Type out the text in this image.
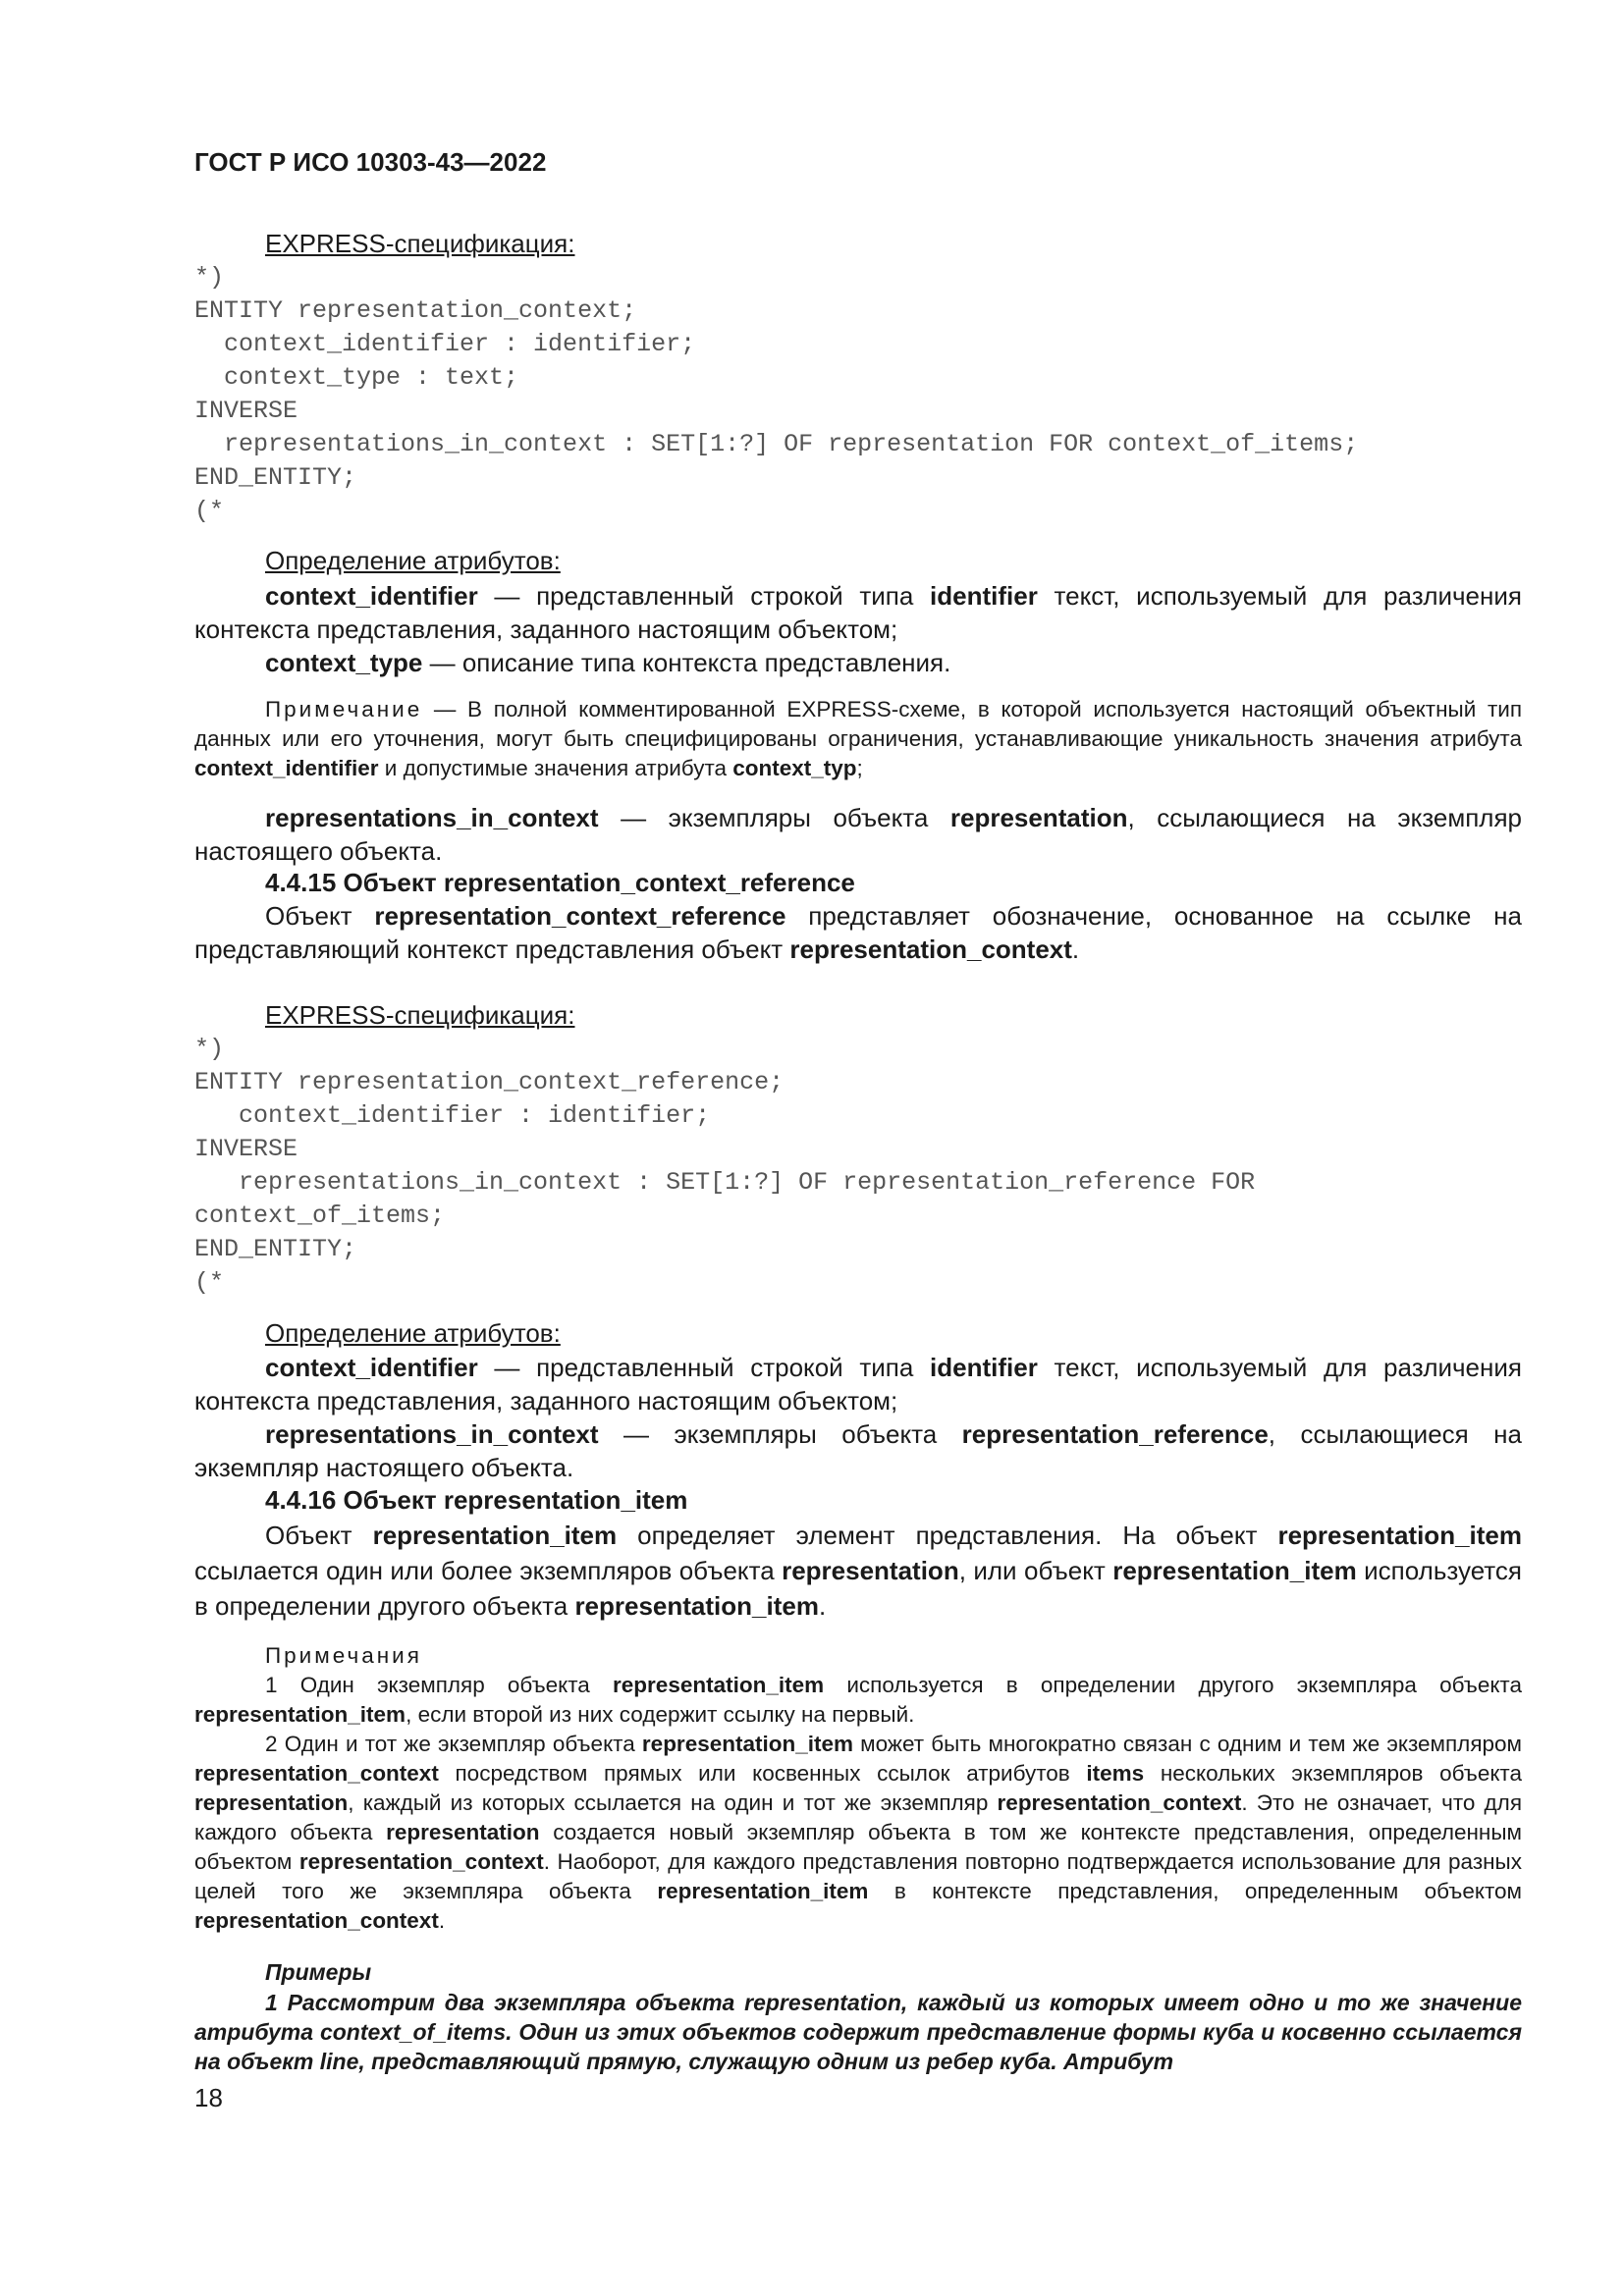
ГОСТ Р ИСО 10303-43—2022
EXPRESS-спецификация:
*)
ENTITY representation_context;
context_identifier : identifier;
context_type : text;
INVERSE
representations_in_context : SET[1:?] OF representation FOR context_of_items;
END_ENTITY;
(*
Определение атрибутов:
context_identifier — представленный строкой типа identifier текст, используемый для различения контекста представления, заданного настоящим объектом;
context_type — описание типа контекста представления.
Примечание — В полной комментированной EXPRESS-схеме, в которой используется настоящий объектный тип данных или его уточнения, могут быть специфицированы ограничения, устанавливающие уникальность значения атрибута context_identifier и допустимые значения атрибута context_typ;
representations_in_context — экземпляры объекта representation, ссылающиеся на экземпляр настоящего объекта.
4.4.15 Объект representation_context_reference
Объект representation_context_reference представляет обозначение, основанное на ссылке на представляющий контекст представления объект representation_context.
EXPRESS-спецификация:
*)
ENTITY representation_context_reference;
context_identifier : identifier;
INVERSE
representations_in_context : SET[1:?] OF representation_reference FOR
context_of_items;
END_ENTITY;
(*
Определение атрибутов:
context_identifier — представленный строкой типа identifier текст, используемый для различения контекста представления, заданного настоящим объектом;
representations_in_context — экземпляры объекта representation_reference, ссылающиеся на экземпляр настоящего объекта.
4.4.16 Объект representation_item
Объект representation_item определяет элемент представления. На объект representation_item ссылается один или более экземпляров объекта representation, или объект representation_item используется в определении другого объекта representation_item.
Примечания
1 Один экземпляр объекта representation_item используется в определении другого экземпляра объекта representation_item, если второй из них содержит ссылку на первый.
2 Один и тот же экземпляр объекта representation_item может быть многократно связан с одним и тем же экземпляром representation_context посредством прямых или косвенных ссылок атрибутов items нескольких экземпляров объекта representation, каждый из которых ссылается на один и тот же экземпляр representation_context. Это не означает, что для каждого объекта representation создается новый экземпляр объекта в том же контексте представления, определенным объектом representation_context. Наоборот, для каждого представления повторно подтверждается использование для разных целей того же экземпляра объекта representation_item в контексте представления, определенным объектом representation_context.
Примеры
1 Рассмотрим два экземпляра объекта representation, каждый из которых имеет одно и то же значение атрибута context_of_items. Один из этих объектов содержит представление формы куба и косвенно ссылается на объект line, представляющий прямую, служащую одним из ребер куба. Атрибут
18
